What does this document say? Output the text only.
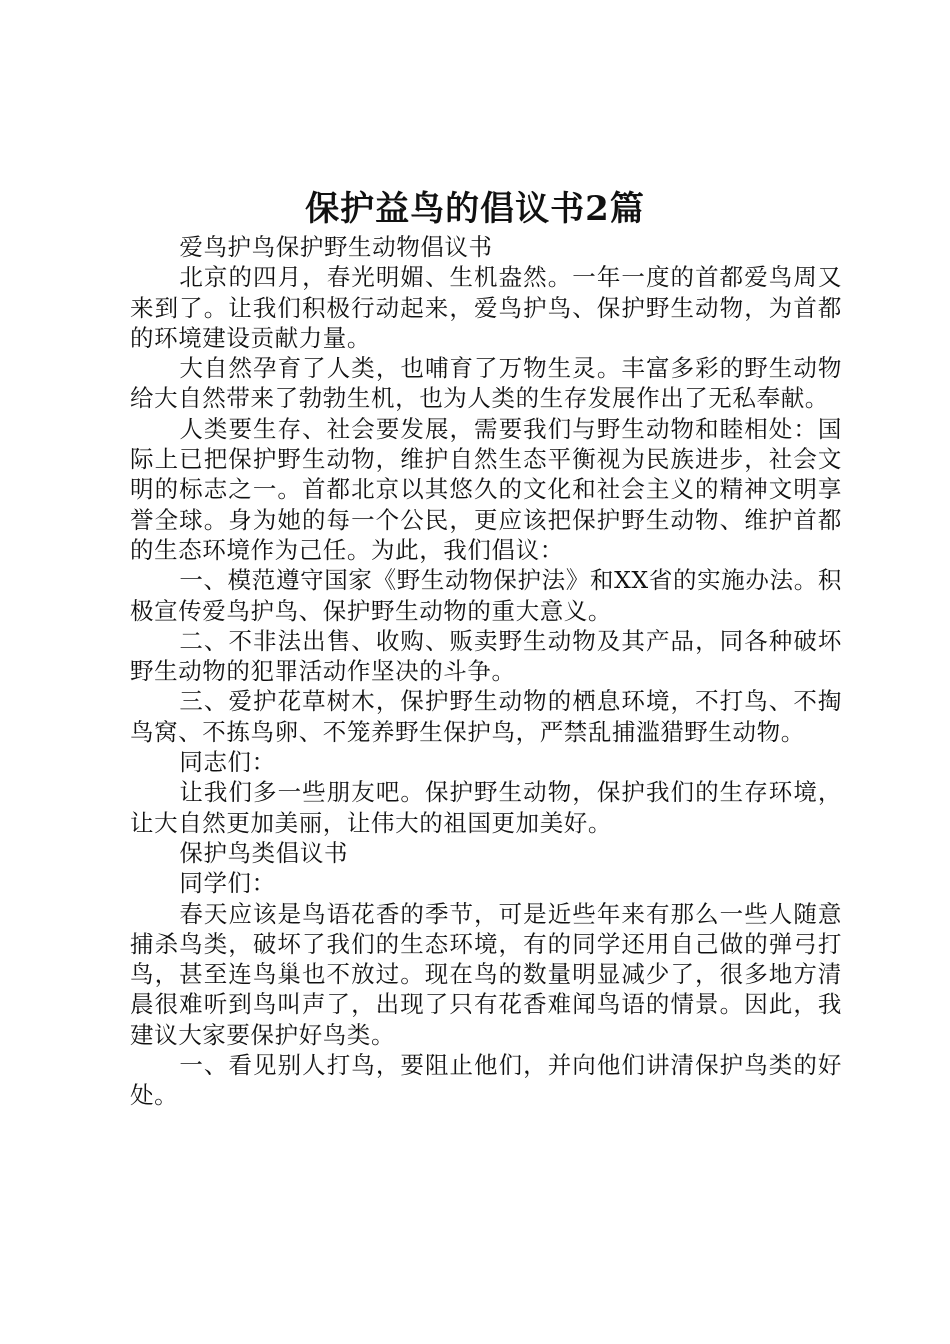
保护益鸟的倡议书2篇

爱鸟护鸟保护野生动物倡议书

北京的四月，春光明媚、生机盎然。一年一度的首都爱鸟周又来到了。让我们积极行动起来，爱鸟护鸟、保护野生动物，为首都的环境建设贡献力量。

大自然孕育了人类，也哺育了万物生灵。丰富多彩的野生动物给大自然带来了勃勃生机，也为人类的生存发展作出了无私奉献。

人类要生存、社会要发展，需要我们与野生动物和睦相处：国际上已把保护野生动物，维护自然生态平衡视为民族进步，社会文明的标志之一。首都北京以其悠久的文化和社会主义的精神文明享誉全球。身为她的每一个公民，更应该把保护野生动物、维护首都的生态环境作为己任。为此，我们倡议：

一、模范遵守国家《野生动物保护法》和XX省的实施办法。积极宣传爱鸟护鸟、保护野生动物的重大意义。

二、不非法出售、收购、贩卖野生动物及其产品，同各种破坏野生动物的犯罪活动作坚决的斗争。

三、爱护花草树木，保护野生动物的栖息环境，不打鸟、不掏鸟窝、不拣鸟卵、不笼养野生保护鸟，严禁乱捕滥猎野生动物。

同志们：

让我们多一些朋友吧。保护野生动物，保护我们的生存环境，让大自然更加美丽，让伟大的祖国更加美好。

保护鸟类倡议书

同学们：

春天应该是鸟语花香的季节，可是近些年来有那么一些人随意捕杀鸟类，破坏了我们的生态环境，有的同学还用自己做的弹弓打鸟，甚至连鸟巢也不放过。现在鸟的数量明显减少了，很多地方清晨很难听到鸟叫声了，出现了只有花香难闻鸟语的情景。因此，我建议大家要保护好鸟类。

一、看见别人打鸟，要阻止他们，并向他们讲清保护鸟类的好处。
